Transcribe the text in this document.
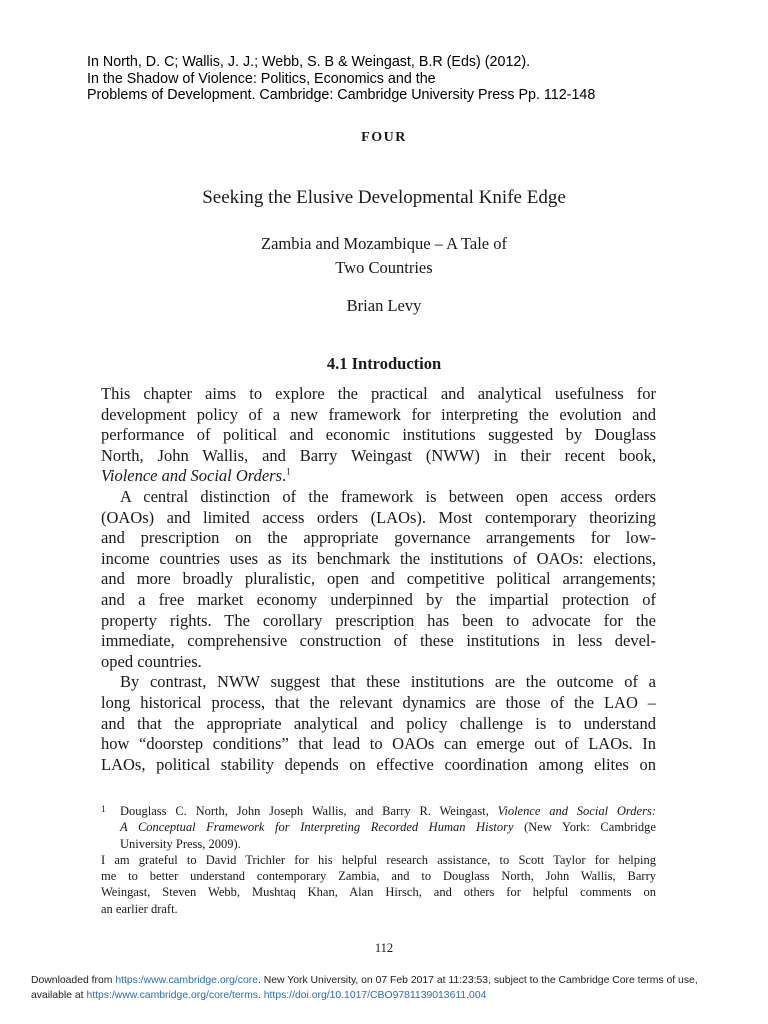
In North, D. C; Wallis, J. J.; Webb, S. B & Weingast, B.R (Eds) (2012).
In the Shadow of Violence: Politics, Economics and the
Problems of Development. Cambridge: Cambridge University Press Pp. 112-148
FOUR
Seeking the Elusive Developmental Knife Edge
Zambia and Mozambique – A Tale of
Two Countries
Brian Levy
4.1 Introduction
This chapter aims to explore the practical and analytical usefulness for
development policy of a new framework for interpreting the evolution and
performance of political and economic institutions suggested by Douglass
North, John Wallis, and Barry Weingast (NWW) in their recent book,
Violence and Social Orders.$^1$
A central distinction of the framework is between open access orders
(OAOs) and limited access orders (LAOs). Most contemporary theorizing
and prescription on the appropriate governance arrangements for low-
income countries uses as its benchmark the institutions of OAOs: elections,
and more broadly pluralistic, open and competitive political arrangements;
and a free market economy underpinned by the impartial protection of
property rights. The corollary prescription has been to advocate for the
immediate, comprehensive construction of these institutions in less devel-
oped countries.
By contrast, NWW suggest that these institutions are the outcome of a
long historical process, that the relevant dynamics are those of the LAO –
and that the appropriate analytical and policy challenge is to understand
how “doorstep conditions” that lead to OAOs can emerge out of LAOs. In
LAOs, political stability depends on effective coordination among elites on
1 Douglass C. North, John Joseph Wallis, and Barry R. Weingast, Violence and Social Orders:
A Conceptual Framework for Interpreting Recorded Human History (New York: Cambridge
University Press, 2009).
I am grateful to David Trichler for his helpful research assistance, to Scott Taylor for helping
me to better understand contemporary Zambia, and to Douglass North, John Wallis, Barry
Weingast, Steven Webb, Mushtaq Khan, Alan Hirsch, and others for helpful comments on
an earlier draft.
112
Downloaded from https:/www.cambridge.org/core. New York University, on 07 Feb 2017 at 11:23:53, subject to the Cambridge Core terms of use,
available at https:/www.cambridge.org/core/terms. https://doi.org/10.1017/CBO9781139013611.004
